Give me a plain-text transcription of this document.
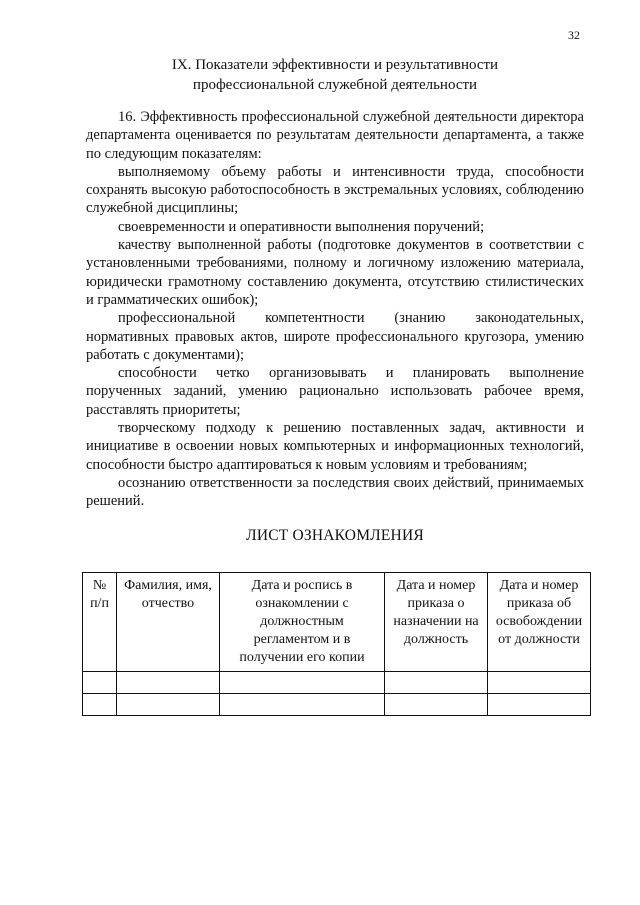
32
IX. Показатели эффективности и результативности
профессиональной служебной деятельности

16. Эффективность профессиональной служебной деятельности директора департамента оценивается по результатам деятельности департамента, а также по следующим показателям:

выполняемому объему работы и интенсивности труда, способности сохранять высокую работоспособность в экстремальных условиях, соблюдению служебной дисциплины;

своевременности и оперативности выполнения поручений;

качеству выполненной работы (подготовке документов в соответствии с установленными требованиями, полному и логичному изложению материала, юридически грамотному составлению документа, отсутствию стилистических и грамматических ошибок);

профессиональной компетентности (знанию законодательных, нормативных правовых актов, широте профессионального кругозора, умению работать с документами);

способности четко организовывать и планировать выполнение порученных заданий, умению рационально использовать рабочее время, расставлять приоритеты;

творческому подходу к решению поставленных задач, активности и инициативе в освоении новых компьютерных и информационных технологий, способности быстро адаптироваться к новым условиям и требованиям;

осознанию ответственности за последствия своих действий, принимаемых решений.

ЛИСТ ОЗНАКОМЛЕНИЯ
№ п/п	Фамилия, имя, отчество	Дата и роспись в ознакомлении с должностным регламентом и в получении его копии	Дата и номер приказа о назначении на должность	Дата и номер приказа об освобождении от должности
